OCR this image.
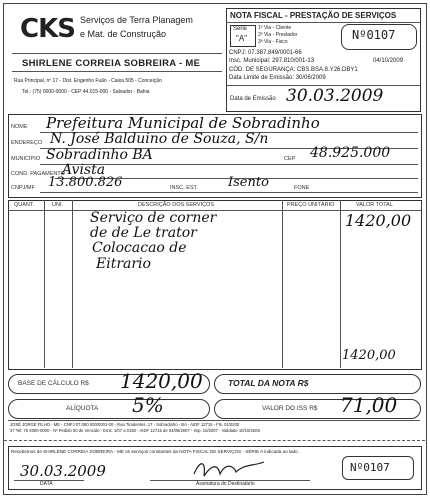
CKS Serviços de Terra Planagem
e Mat. de Construção
SHIRLENE CORREIA SOBREIRA - ME
Rua Principal, nº 17 - Dist. Engenho Fuão - Caixa 505 - Conceição
Tel.: (75) 0000-0000 - CEP 44.015-000 - Salvador - Bahia
NOTA FISCAL - PRESTAÇÃO DE SERVIÇOS
Série
"A"
1ª Via - Cliente
2ª Via - Prestador
3ª Via - Fisco	Nº0107
CNPJ: 07.387.849/0001-66
Insc. Municipal: 297.810/001-13	04/10/2009
CÓD. DE SEGURANÇA: CBS.BSA.8.Y26.DBY1
Data Limite de Emissão: 30/06/2009
Data de Emissão 30.03.2009
NOME Prefeitura Municipal de Sobradinho
ENDEREÇO N. José Balduino de Souza, S/n
MUNICÍPIO Sobradinho BA	CEP 48.925.000
COND. PAGAMENTO
Avista
CNPJ/MF 13.800.826	INSC. EST. Isento	FONE
QUANT.	UNI.	DESCRIÇÃO DOS SERVIÇOS	PREÇO UNITÁRIO	VALOR TOTAL
Serviço de corner
de de Le trator
Colocacao de
Eitrario
1420,00
1420,00
BASE DE CÁLCULO R$ 1420,00	TOTAL DA NOTA R$
ALÍQUOTA 5%	VALOR DO ISS R$ 71,00
JOSÉ JORGE FILHO - ME - CNPJ 07.080.000/0001-00 - Rua Tiradentes, 17 - Sobradinho - BA - AIDF 12715 - Fls. 01/0200
37 Tel: 75 4000-0000 - Nº Pedido 00 de Vencido - Emit. 1/07 a 0150 - AIDF 12715 de 04/06/2007 - Imp. 10/2007 - Validade 10/10/2009
Recebemos de SHIRLENE CORREIA SOBREIRA - ME os serviços constantes da NOTA FISCAL DE SERVIÇOS - SÉRIE A indicada ao lado.
30.03.2009
DATA	Assinatura do Destinatário
Nº0107
